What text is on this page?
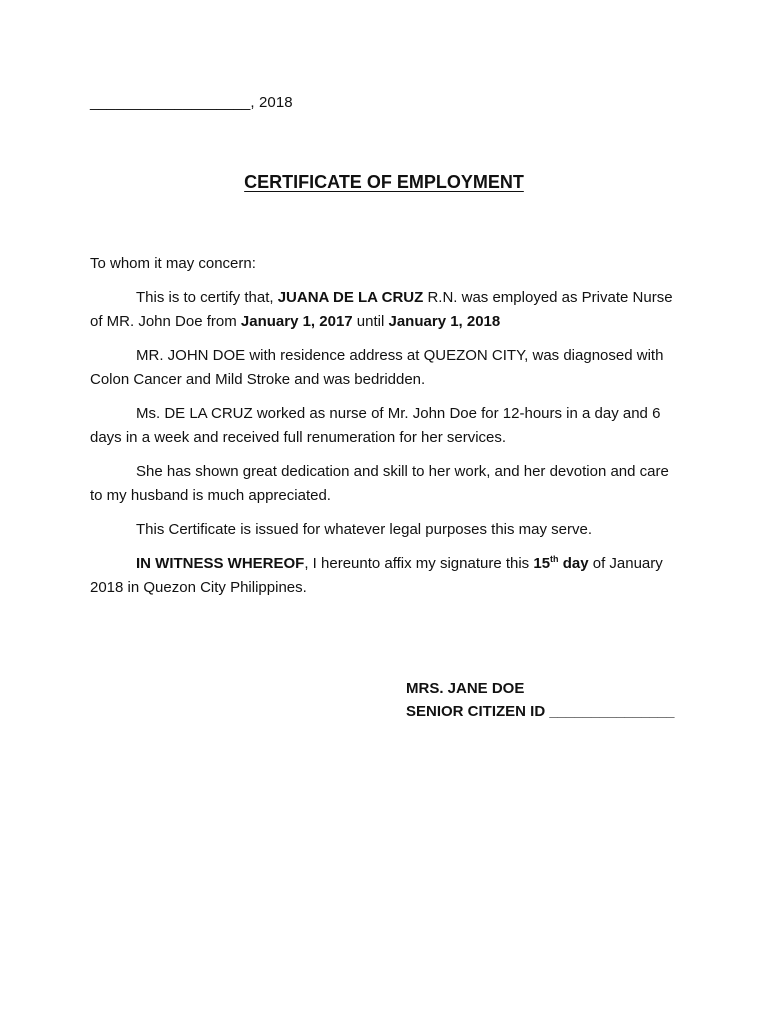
___________________, 2018
CERTIFICATE OF EMPLOYMENT

To whom it may concern:

This is to certify that, JUANA DE LA CRUZ R.N. was employed as Private Nurse of MR. John Doe from January 1, 2017 until January 1, 2018

MR. JOHN DOE with residence address at QUEZON CITY, was diagnosed with Colon Cancer and Mild Stroke and was bedridden.

Ms. DE LA CRUZ worked as nurse of Mr. John Doe for 12-hours in a day and 6 days in a week and received full renumeration for her services.

She has shown great dedication and skill to her work, and her devotion and care to my husband is much appreciated.

This Certificate is issued for whatever legal purposes this may serve.

IN WITNESS WHEREOF, I hereunto affix my signature this 15th day of January 2018 in Quezon City Philippines.

MRS. JANE DOE
SENIOR CITIZEN ID _______________
